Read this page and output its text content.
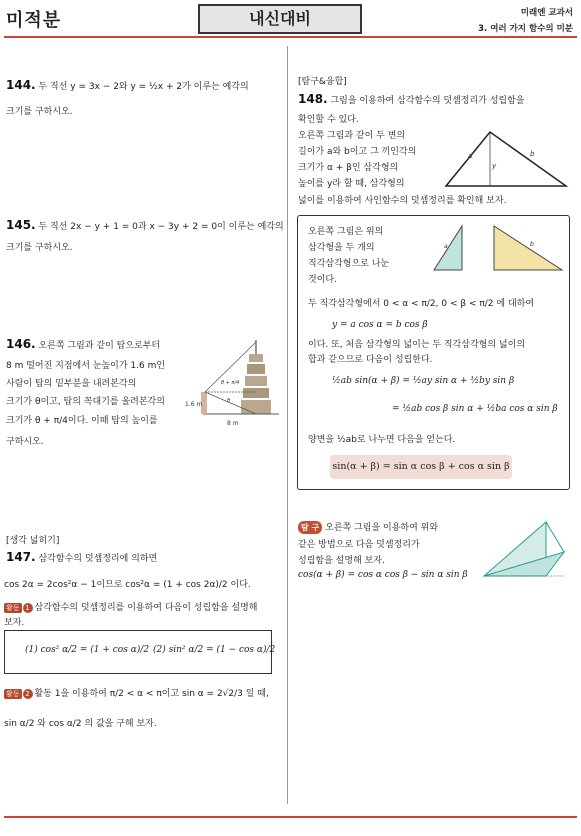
미적분	내신대비	미래엔 교과서
3. 여러 가지 함수의 미분
144. 두 직선 y = 3x − 2와 y = ½x + 2가 이루는 예각의
크기를 구하시오.
145. 두 직선 2x − y + 1 = 0과 x − 3y + 2 = 0이 이루는 예각의
크기를 구하시오.
146. 오른쪽 그림과 같이 탑으로부터
8 m 떨어진 지점에서 눈높이가 1.6 m인
사람이 탑의 밑부분을 내려본각의
크기가 θ이고, 탑의 꼭대기를 올려본각의
크기가 θ + π/4이다. 이때 탑의 높이를
구하시오.
θ + π/4
θ
1.6 m
8 m
[생각 넓히기]
147. 삼각함수의 덧셈정리에 의하면
cos 2α = 2cos²α − 1이므로 cos²α = (1 + cos 2α)/2 이다.
활동 1 삼각함수의 덧셈정리를 이용하여 다음이 성립함을 설명해
보자.
(1) cos² α/2 = (1 + cos α)/2 (2) sin² α/2 = (1 − cos α)/2
활동 2 활동 1을 이용하여 π/2 < α < π이고 sin α = 2√2/3 일 때,
sin α/2 와 cos α/2 의 값을 구해 보자.
[탐구&융합]
148. 그림을 이용하여 삼각함수의 덧셈정리가 성립함을
확인할 수 있다.
오른쪽 그림과 같이 두 변의
길이가 a와 b이고 그 끼인각의
크기가 α + β인 삼각형의
높이를 y라 할 때, 삼각형의
넓이를 이용하여 사인함수의 덧셈정리를 확인해 보자.
a	b
y
오른쪽 그림은 위의
삼각형을 두 개의
직각삼각형으로 나눈
것이다.
a	b
두 직각삼각형에서 0 < α < π/2, 0 < β < π/2 에 대하여
y = a cos α = b cos β
이다. 또, 처음 삼각형의 넓이는 두 직각삼각형의 넓이의
합과 같으므로 다음이 성립한다.
½ab sin(α + β) = ½ay sin α + ½by sin β
= ½ab cos β sin α + ½ba cos α sin β
양변을 ½ab로 나누면 다음을 얻는다.
sin(α + β) = sin α cos β + cos α sin β
탐 구 오른쪽 그림을 이용하여 위와
같은 방법으로 다음 덧셈정리가
성립함을 설명해 보자.
cos(α + β) = cos α cos β − sin α sin β
